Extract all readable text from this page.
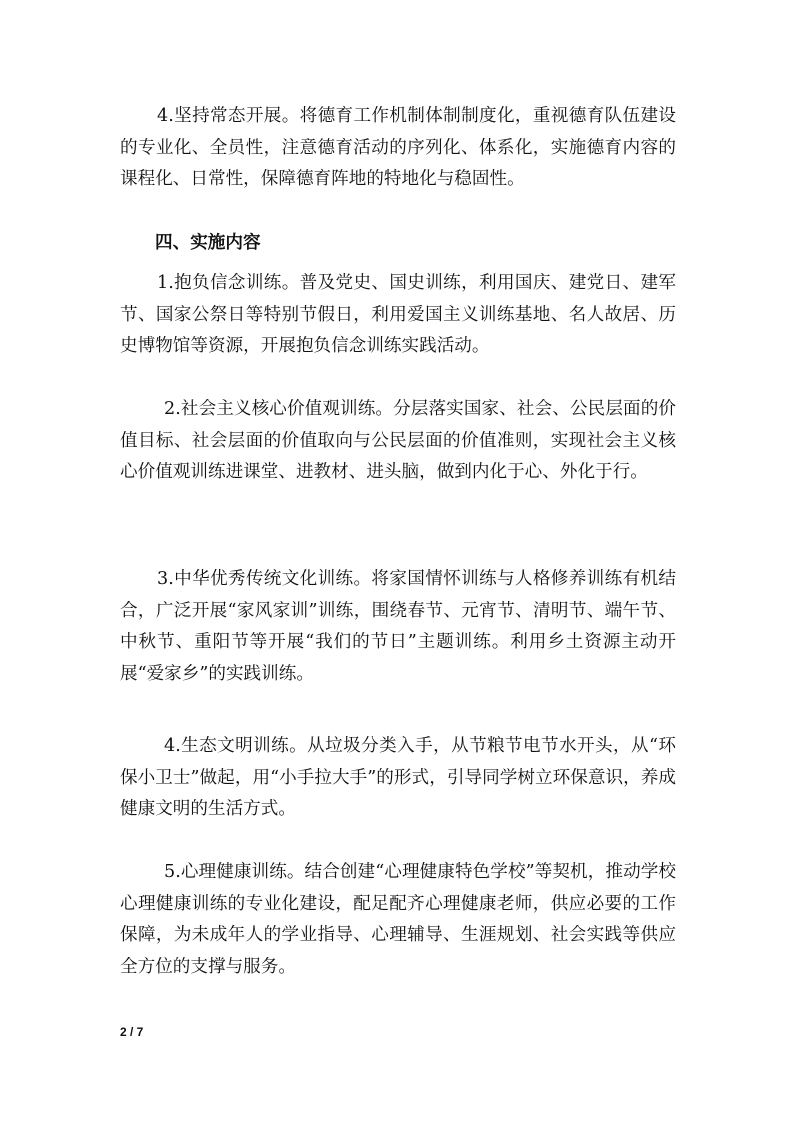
4.坚持常态开展。将德育工作机制体制制度化，重视德育队伍建设的专业化、全员性，注意德育活动的序列化、体系化，实施德育内容的课程化、日常性，保障德育阵地的特地化与稳固性。

四、实施内容

1.抱负信念训练。普及党史、国史训练，利用国庆、建党日、建军节、国家公祭日等特别节假日，利用爱国主义训练基地、名人故居、历史博物馆等资源，开展抱负信念训练实践活动。

2.社会主义核心价值观训练。分层落实国家、社会、公民层面的价值目标、社会层面的价值取向与公民层面的价值准则，实现社会主义核心价值观训练进课堂、进教材、进头脑，做到内化于心、外化于行。

3.中华优秀传统文化训练。将家国情怀训练与人格修养训练有机结合，广泛开展“家风家训”训练，围绕春节、元宵节、清明节、端午节、中秋节、重阳节等开展“我们的节日”主题训练。利用乡土资源主动开展“爱家乡”的实践训练。

4.生态文明训练。从垃圾分类入手，从节粮节电节水开头，从“环保小卫士”做起，用“小手拉大手”的形式，引导同学树立环保意识，养成健康文明的生活方式。

5.心理健康训练。结合创建“心理健康特色学校”等契机，推动学校心理健康训练的专业化建设，配足配齐心理健康老师，供应必要的工作保障，为未成年人的学业指导、心理辅导、生涯规划、社会实践等供应全方位的支撑与服务。

2 / 7
